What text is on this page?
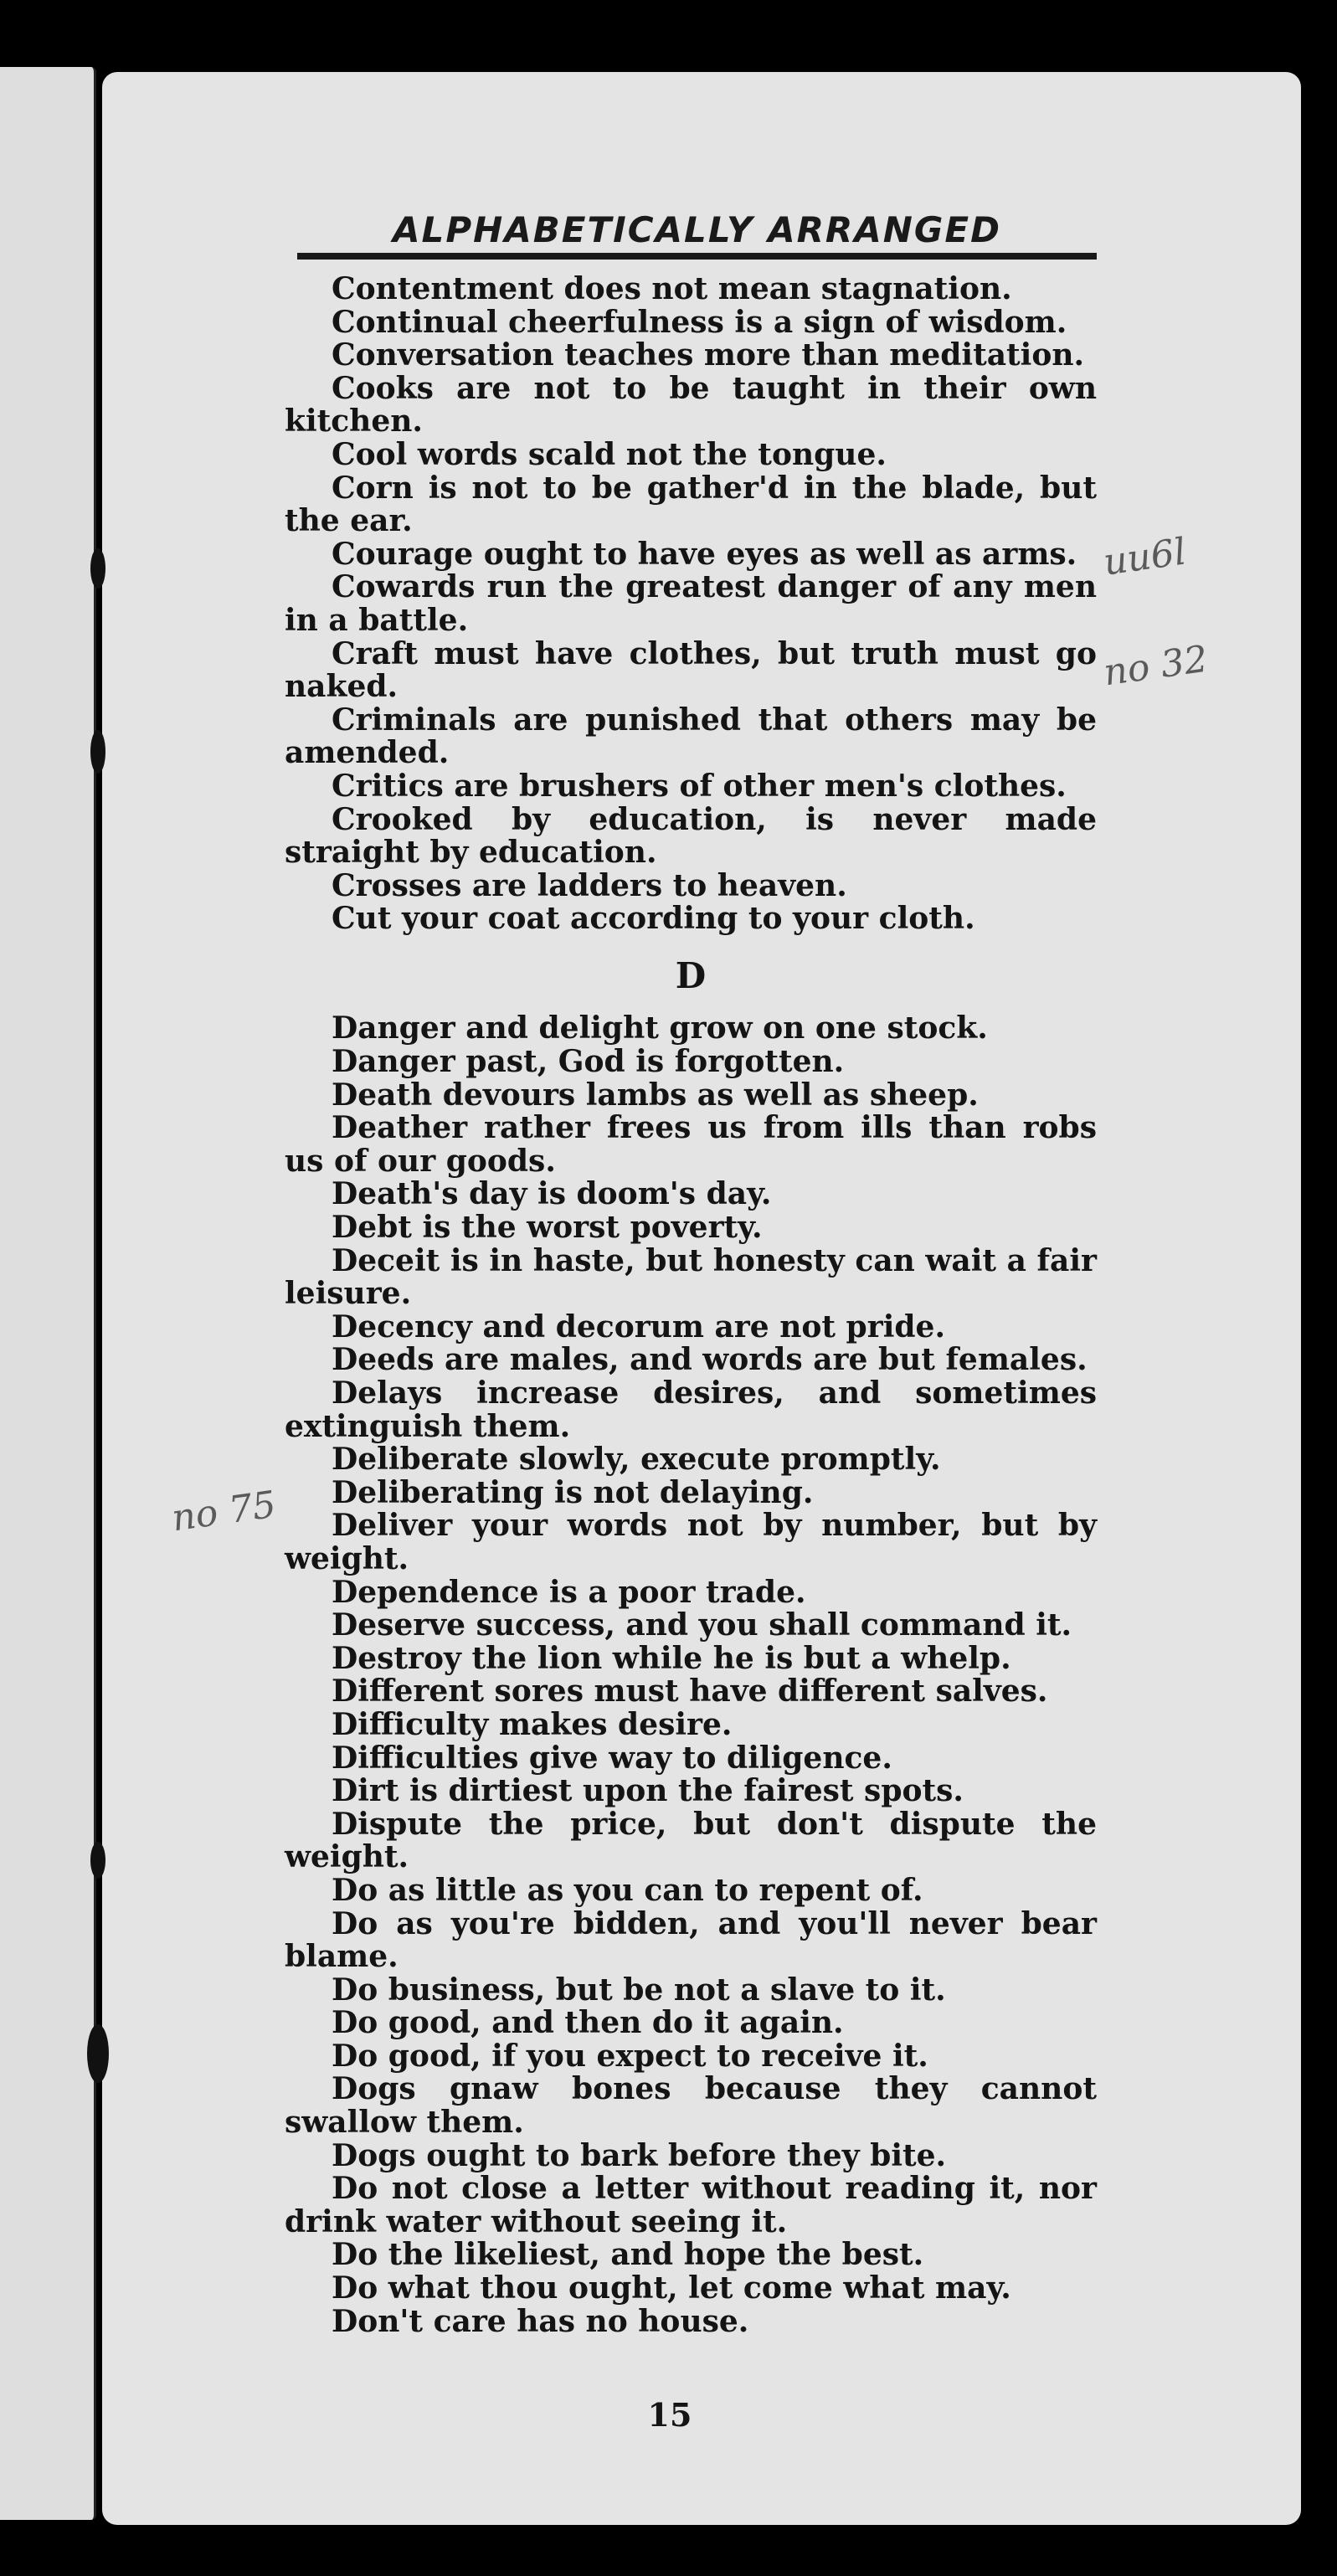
ALPHABETICALLY ARRANGED

Contentment does not mean stagnation.

Continual cheerfulness is a sign of wisdom.

Conversation teaches more than meditation.

Cooks are not to be taught in their own kitchen.

Cool words scald not the tongue.

Corn is not to be gather'd in the blade, but the ear.

Courage ought to have eyes as well as arms.

Cowards run the greatest danger of any men in a battle.

Craft must have clothes, but truth must go naked.

Criminals are punished that others may be amended.

Critics are brushers of other men's clothes.

Crooked by education, is never made straight by education.

Crosses are ladders to heaven.

Cut your coat according to your cloth.

D

Danger and delight grow on one stock.

Danger past, God is forgotten.

Death devours lambs as well as sheep.

Deather rather frees us from ills than robs us of our goods.

Death's day is doom's day.

Debt is the worst poverty.

Deceit is in haste, but honesty can wait a fair leisure.

Decency and decorum are not pride.

Deeds are males, and words are but females.

Delays increase desires, and sometimes extinguish them.

Deliberate slowly, execute promptly.

Deliberating is not delaying.

Deliver your words not by number, but by weight.

Dependence is a poor trade.

Deserve success, and you shall command it.

Destroy the lion while he is but a whelp.

Different sores must have different salves.

Difficulty makes desire.

Difficulties give way to diligence.

Dirt is dirtiest upon the fairest spots.

Dispute the price, but don't dispute the weight.

Do as little as you can to repent of.

Do as you're bidden, and you'll never bear blame.

Do business, but be not a slave to it.

Do good, and then do it again.

Do good, if you expect to receive it.

Dogs gnaw bones because they cannot swallow them.

Dogs ought to bark before they bite.

Do not close a letter without reading it, nor drink water without seeing it.

Do the likeliest, and hope the best.

Do what thou ought, let come what may.

Don't care has no house.

uu6l
no 32
no 75
15
